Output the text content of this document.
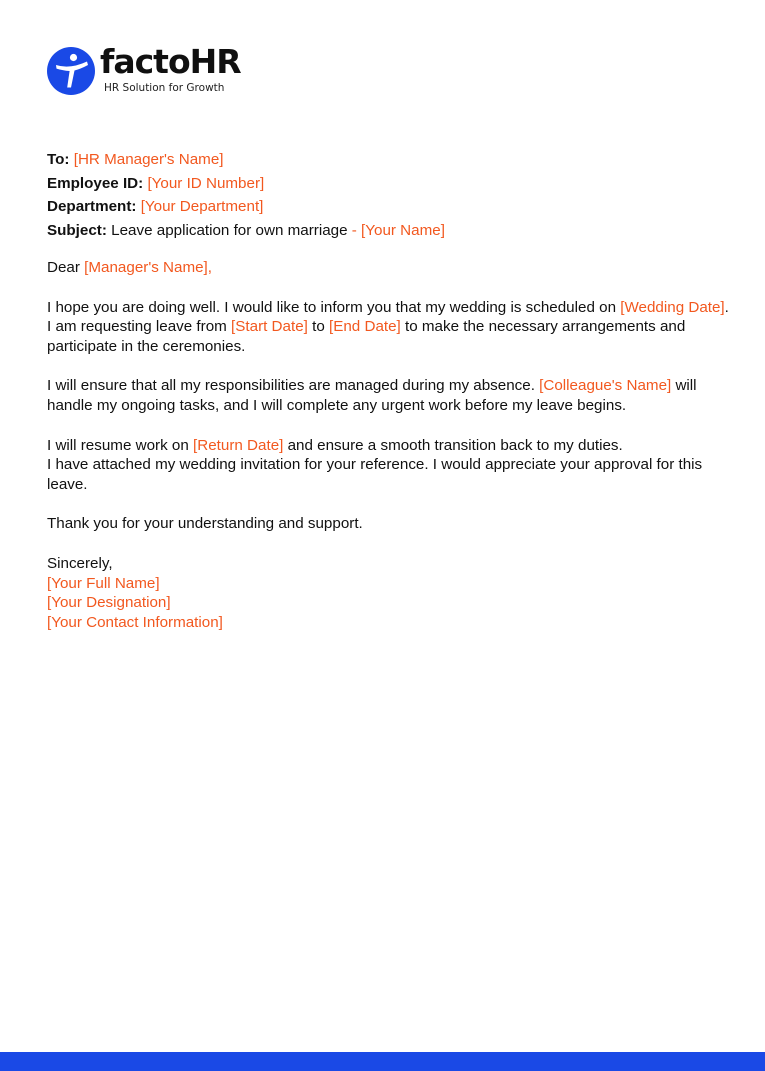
factoHR
HR Solution for Growth

To: [HR Manager's Name]

Employee ID: [Your ID Number]

Department: [Your Department]

Subject: Leave application for own marriage - [Your Name]

Dear [Manager's Name],

I hope you are doing well. I would like to inform you that my wedding is scheduled on [Wedding Date]. I am requesting leave from [Start Date] to [End Date] to make the necessary arrangements and participate in the ceremonies.

I will ensure that all my responsibilities are managed during my absence. [Colleague's Name] will handle my ongoing tasks, and I will complete any urgent work before my leave begins.

I will resume work on [Return Date] and ensure a smooth transition back to my duties.
I have attached my wedding invitation for your reference. I would appreciate your approval for this leave.

Thank you for your understanding and support.

Sincerely,
[Your Full Name]
[Your Designation]
[Your Contact Information]
